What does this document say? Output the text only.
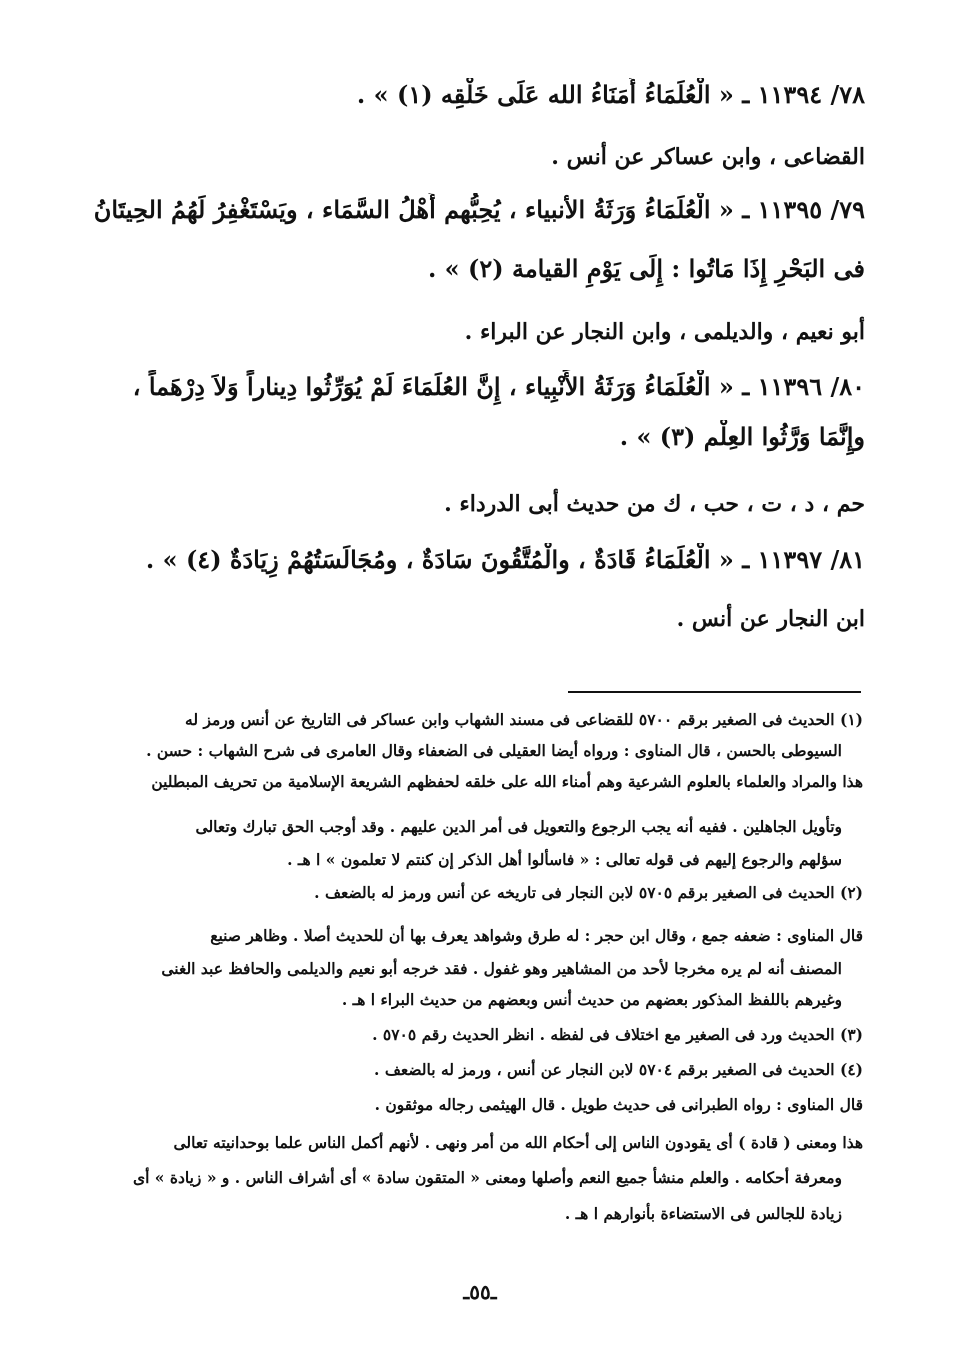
٧٨/ ١١٣٩٤ ـ « الْعُلَمَاءُ أُمَنَاءُ الله عَلَى خَلْقِه (١) » .
القضاعى ، وابن عساكر عن أنس .
٧٩/ ١١٣٩٥ ـ « الْعُلَمَاءُ وَرَثَةُ الأنبياء ، يُحِبُّهم أَهْلُ السَّمَاء ، ويَسْتَغْفِرُ لَهُمُ الحِيتَانُ
فى البَحْرِ إِذَا مَاتُوا : إِلَى يَوْمِ القيامة (٢) » .
أبو نعيم ، والديلمى ، وابن النجار عن البراء .
٨٠/ ١١٣٩٦ ـ « الْعُلَمَاءُ وَرَثَةُ الأَنْبِياء ، إِنَّ العُلَمَاءَ لَمْ يُوَرِّثُوا دِيناراً وَلاَ دِرْهَماً ،
وإِنَّمَا وَرَّثُوا العِلْم (٣) » .
حم ، د ، ت ، حب ، ك من حديث أبى الدرداء .
٨١/ ١١٣٩٧ ـ « الْعُلَمَاءُ قَادَةٌ ، والْمُتَّقُونَ سَادَةٌ ، ومُجَالَسَتُهُمْ زِيَادَةٌ (٤) » .
ابن النجار عن أنس .
(١) الحديث فى الصغير برقم ٥٧٠٠ للقضاعى فى مسند الشهاب وابن عساكر فى التاريخ عن أنس ورمز له
السيوطى بالحسن ، قال المناوى : ورواه أيضا العقيلى فى الضعفاء وقال العامرى فى شرح الشهاب : حسن .
هذا والمراد والعلماء بالعلوم الشرعية وهم أمناء الله على خلقه لحفظهم الشريعة الإسلامية من تحريف المبطلين
وتأويل الجاهلين . ففيه أنه يجب الرجوع والتعويل فى أمر الدين عليهم . وقد أوجب الحق تبارك وتعالى
سؤلهم والرجوع إليهم فى قوله تعالى : « فاسألوا أهل الذكر إن كنتم لا تعلمون » ا هـ .
(٢) الحديث فى الصغير برقم ٥٧٠٥ لابن النجار فى تاريخه عن أنس ورمز له بالضعف .
قال المناوى : ضعفه جمع ، وقال ابن حجر : له طرق وشواهد يعرف بها أن للحديث أصلا . وظاهر صنيع
المصنف أنه لم يره مخرجا لأحد من المشاهير وهو غفول . فقد خرجه أبو نعيم والديلمى والحافظ عبد الغنى
وغيرهم باللفظ المذكور بعضهم من حديث أنس وبعضهم من حديث البراء ا هـ .
(٣) الحديث ورد فى الصغير مع اختلاف فى لفظه . انظر الحديث رقم ٥٧٠٥ .
(٤) الحديث فى الصغير برقم ٥٧٠٤ لابن النجار عن أنس ، ورمز له بالضعف .
قال المناوى : رواه الطبرانى فى حديث طويل . قال الهيثمى رجاله موثقون .
هذا ومعنى ( قادة ) أى يقودون الناس إلى أحكام الله من أمر ونهى . لأنهم أكمل الناس علما بوحدانيته تعالى
ومعرفة أحكامه . والعلم منشأ جميع النعم وأصلها ومعنى « المتقون سادة » أى أشراف الناس . و « زيادة » أى
زيادة للجالس فى الاستضاءة بأنوارهم ا هـ .
ـ٥٥ـ
